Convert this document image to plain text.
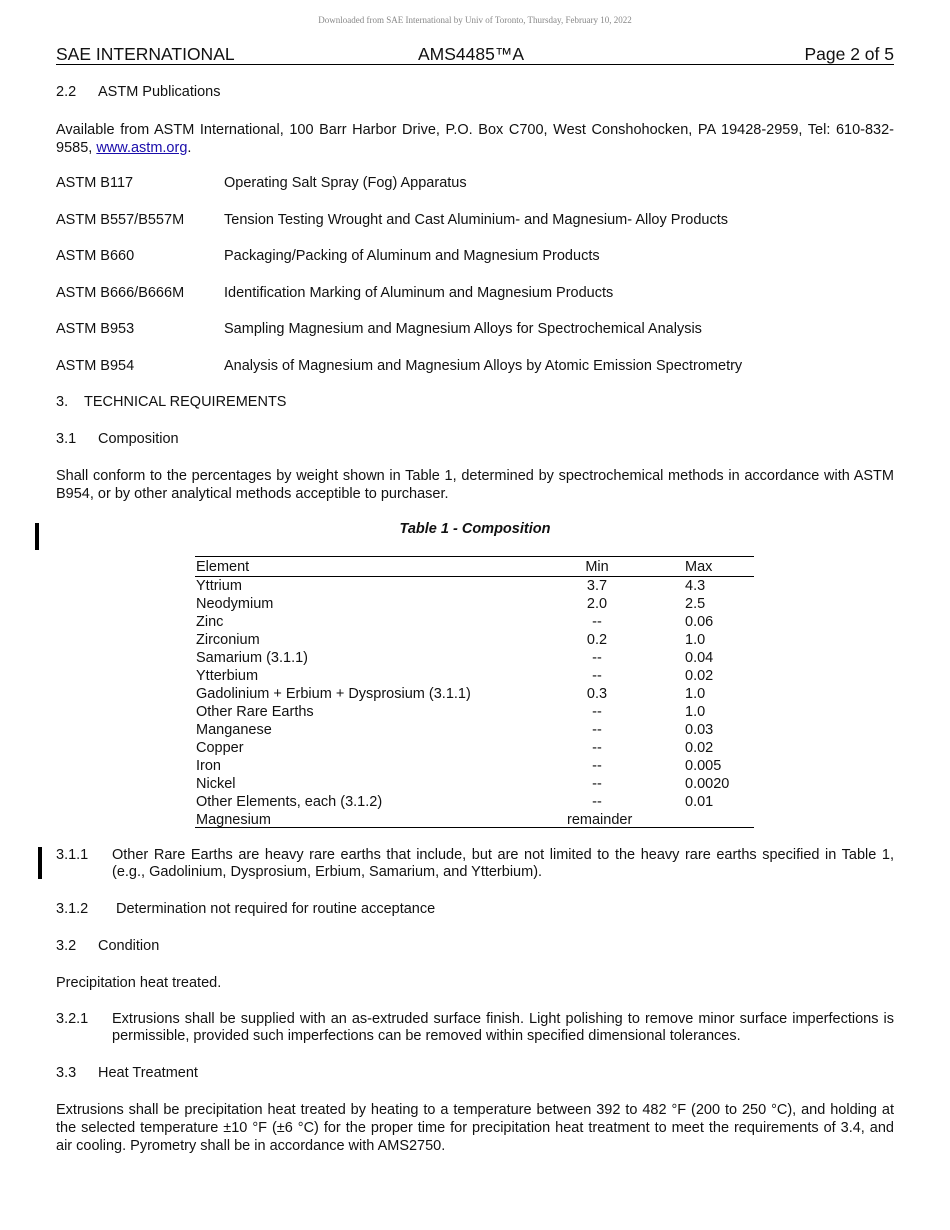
Downloaded from SAE International by Univ of Toronto, Thursday, February 10, 2022
SAE INTERNATIONAL	AMS4485™A	Page 2 of 5
2.2 ASTM Publications
Available from ASTM International, 100 Barr Harbor Drive, P.O. Box C700, West Conshohocken, PA 19428-2959, Tel: 610-832-9585, www.astm.org.
ASTM B117	Operating Salt Spray (Fog) Apparatus
ASTM B557/B557M	Tension Testing Wrought and Cast Aluminium- and Magnesium- Alloy Products
ASTM B660	Packaging/Packing of Aluminum and Magnesium Products
ASTM B666/B666M	Identification Marking of Aluminum and Magnesium Products
ASTM B953	Sampling Magnesium and Magnesium Alloys for Spectrochemical Analysis
ASTM B954	Analysis of Magnesium and Magnesium Alloys by Atomic Emission Spectrometry
3. TECHNICAL REQUIREMENTS
3.1 Composition
Shall conform to the percentages by weight shown in Table 1, determined by spectrochemical methods in accordance with ASTM B954, or by other analytical methods acceptible to purchaser.
Table 1 - Composition
Element	Min	Max
Yttrium	3.7	4.3
Neodymium	2.0	2.5
Zinc	--	0.06
Zirconium	0.2	1.0
Samarium (3.1.1)	--	0.04
Ytterbium	--	0.02
Gadolinium + Erbium + Dysprosium (3.1.1)	0.3	1.0
Other Rare Earths	--	1.0
Manganese	--	0.03
Copper	--	0.02
Iron	--	0.005
Nickel	--	0.0020
Other Elements, each (3.1.2)	--	0.01
Magnesium	remainder
3.1.1 Other Rare Earths are heavy rare earths that include, but are not limited to the heavy rare earths specified in Table 1, (e.g., Gadolinium, Dysprosium, Erbium, Samarium, and Ytterbium).
3.1.2 Determination not required for routine acceptance
3.2 Condition
Precipitation heat treated.
3.2.1 Extrusions shall be supplied with an as-extruded surface finish. Light polishing to remove minor surface imperfections is permissible, provided such imperfections can be removed within specified dimensional tolerances.
3.3 Heat Treatment
Extrusions shall be precipitation heat treated by heating to a temperature between 392 to 482 °F (200 to 250 °C), and holding at the selected temperature ±10 °F (±6 °C) for the proper time for precipitation heat treatment to meet the requirements of 3.4, and air cooling. Pyrometry shall be in accordance with AMS2750.
